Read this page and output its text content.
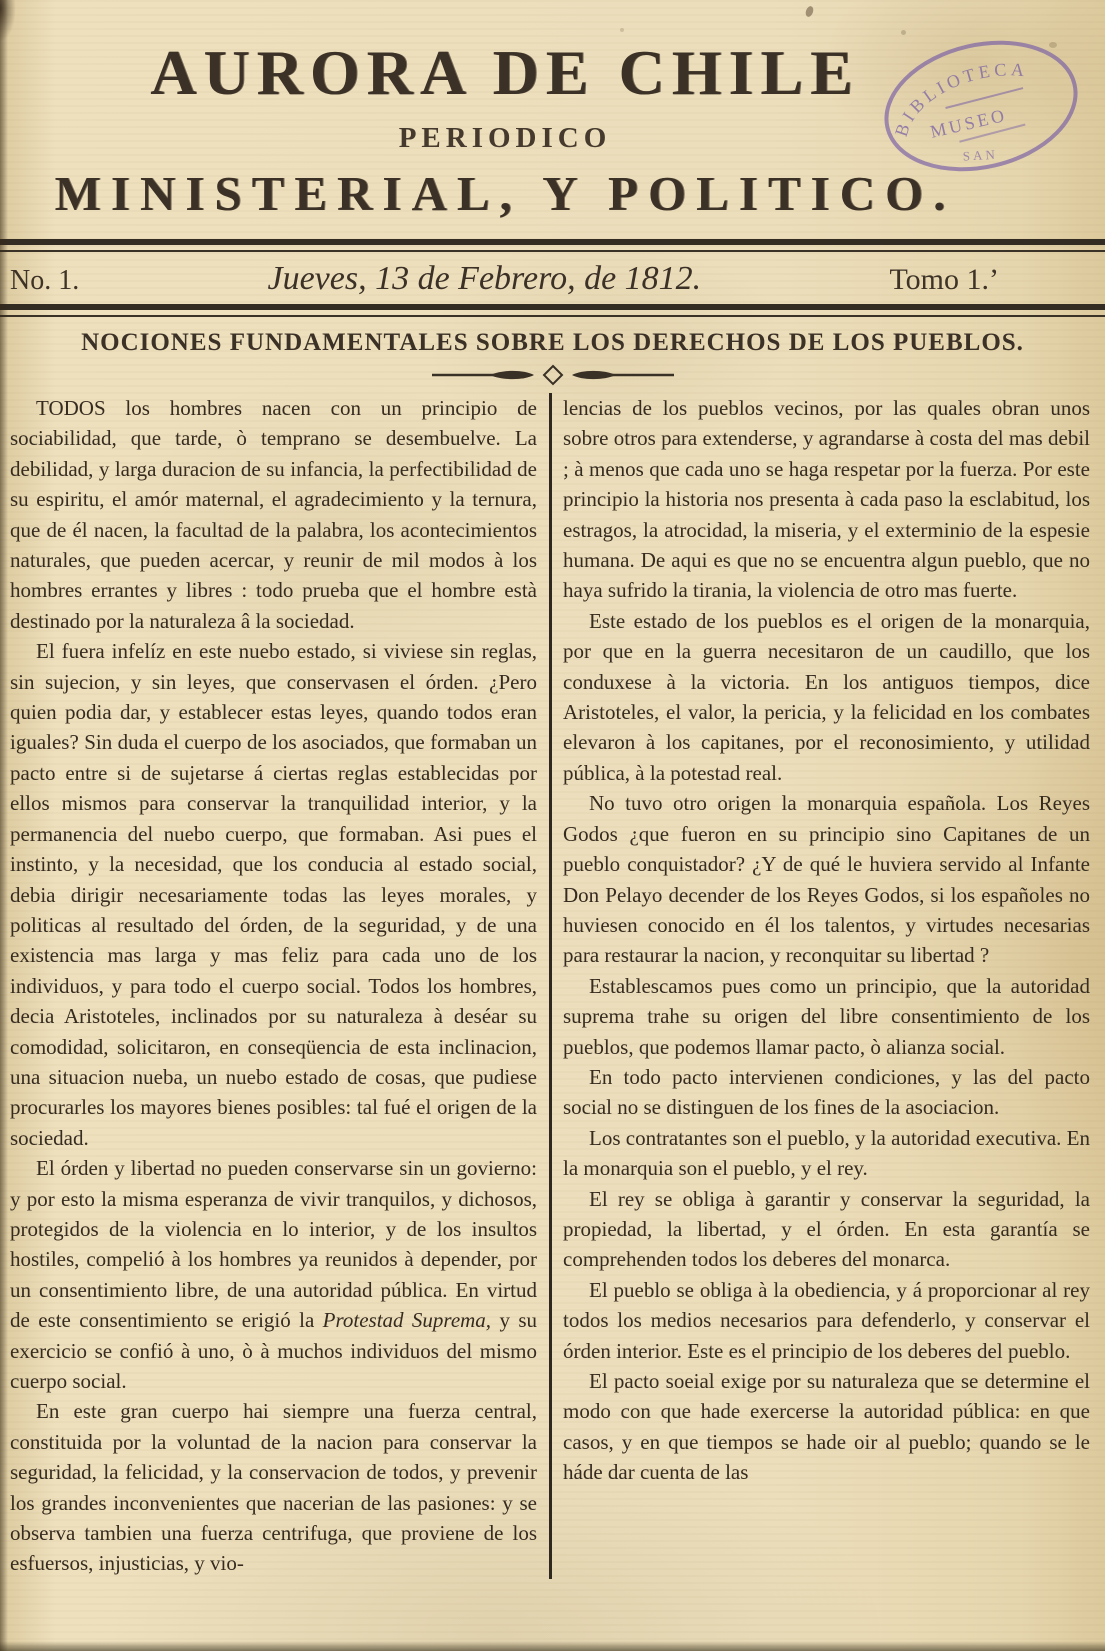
AURORA DE CHILE
PERIODICO
MINISTERIAL, Y POLITICO.
BIBLIOTECA
MUSEO
SAN
No. 1.	Jueves, 13 de Febrero, de 1812.	Tomo 1.’
NOCIONES FUNDAMENTALES SOBRE LOS DERECHOS DE LOS PUEBLOS.

TODOS los hombres nacen con un principio de sociabilidad, que tarde, ò temprano se desembuelve. La debilidad, y larga duracion de su infancia, la perfectibilidad de su espiritu, el amór maternal, el agradecimiento y la ternura, que de él nacen, la facultad de la palabra, los acontecimientos naturales, que pueden acercar, y reunir de mil modos à los hombres errantes y libres : todo prueba que el hombre està destinado por la naturaleza â la sociedad.

El fuera infelíz en este nuebo estado, si viviese sin reglas, sin sujecion, y sin leyes, que conservasen el órden. ¿Pero quien podia dar, y establecer estas leyes, quando todos eran iguales? Sin duda el cuerpo de los asociados, que formaban un pacto entre si de sujetarse á ciertas reglas establecidas por ellos mismos para conservar la tranquilidad interior, y la permanencia del nuebo cuerpo, que formaban. Asi pues el instinto, y la necesidad, que los conducia al estado social, debia dirigir necesariamente todas las leyes morales, y politicas al resultado del órden, de la seguridad, y de una existencia mas larga y mas feliz para cada uno de los individuos, y para todo el cuerpo social. Todos los hombres, decia Aristoteles, inclinados por su naturaleza à deséar su comodidad, solicitaron, en conseqüencia de esta inclinacion, una situacion nueba, un nuebo estado de cosas, que pudiese procurarles los mayores bienes posibles: tal fué el origen de la sociedad.

El órden y libertad no pueden conservarse sin un govierno: y por esto la misma esperanza de vivir tranquilos, y dichosos, protegidos de la violencia en lo interior, y de los insultos hostiles, compelió à los hombres ya reunidos à depender, por un consentimiento libre, de una autoridad pública. En virtud de este consentimiento se erigió la Protestad Suprema, y su exercicio se confió à uno, ò à muchos individuos del mismo cuerpo social.

En este gran cuerpo hai siempre una fuerza central, constituida por la voluntad de la nacion para conservar la seguridad, la felicidad, y la conservacion de todos, y prevenir los grandes inconvenientes que nacerian de las pasiones: y se observa tambien una fuerza centrifuga, que proviene de los esfuersos, injusticias, y vio-

lencias de los pueblos vecinos, por las quales obran unos sobre otros para extenderse, y agrandarse à costa del mas debil ; à menos que cada uno se haga respetar por la fuerza. Por este principio la historia nos presenta à cada paso la esclabitud, los estragos, la atrocidad, la miseria, y el exterminio de la espesie humana. De aqui es que no se encuentra algun pueblo, que no haya sufrido la tirania, la violencia de otro mas fuerte.

Este estado de los pueblos es el origen de la monarquia, por que en la guerra necesitaron de un caudillo, que los conduxese à la victoria. En los antiguos tiempos, dice Aristoteles, el valor, la pericia, y la felicidad en los combates elevaron à los capitanes, por el reconosimiento, y utilidad pública, à la potestad real.

No tuvo otro origen la monarquia española. Los Reyes Godos ¿que fueron en su principio sino Capitanes de un pueblo conquistador? ¿Y de qué le huviera servido al Infante Don Pelayo decender de los Reyes Godos, si los españoles no huviesen conocido en él los talentos, y virtudes necesarias para restaurar la nacion, y reconquitar su libertad ?

Establescamos pues como un principio, que la autoridad suprema trahe su origen del libre consentimiento de los pueblos, que podemos llamar pacto, ò alianza social.

En todo pacto intervienen condiciones, y las del pacto social no se distinguen de los fines de la asociacion.

Los contratantes son el pueblo, y la autoridad executiva. En la monarquia son el pueblo, y el rey.

El rey se obliga à garantir y conservar la seguridad, la propiedad, la libertad, y el órden. En esta garantía se comprehenden todos los deberes del monarca.

El pueblo se obliga à la obediencia, y á proporcionar al rey todos los medios necesarios para defenderlo, y conservar el órden interior. Este es el principio de los deberes del pueblo.

El pacto soeial exige por su naturaleza que se determine el modo con que hade exercerse la autoridad pública: en que casos, y en que tiempos se hade oir al pueblo; quando se le háde dar cuenta de las
